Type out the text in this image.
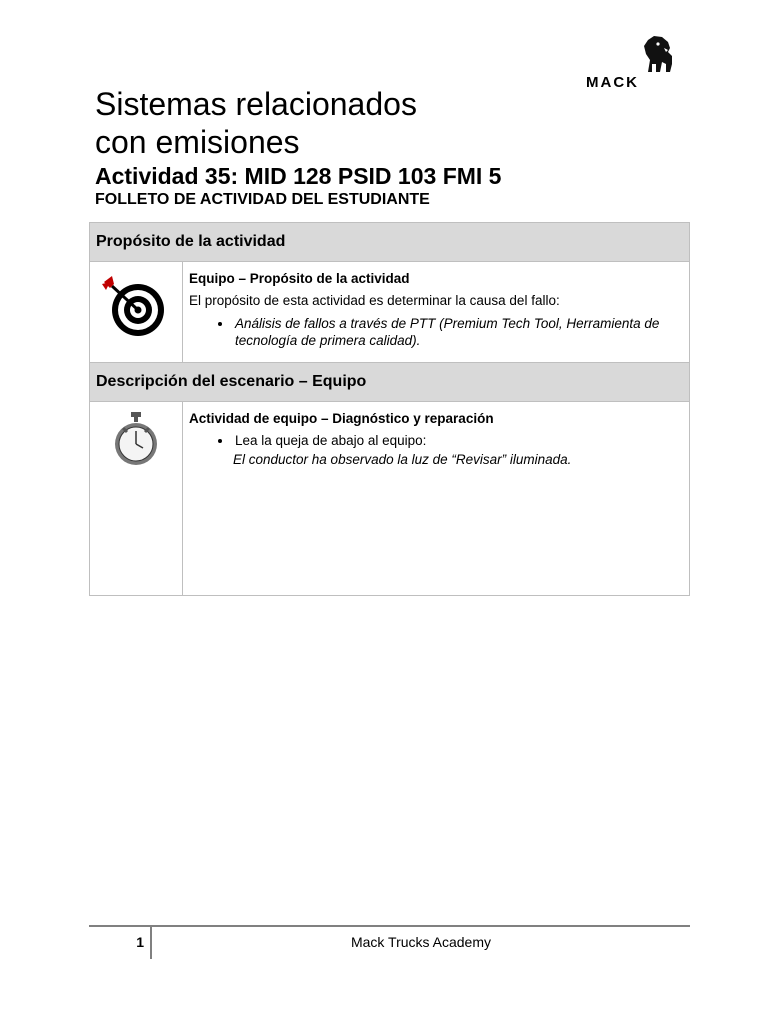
MACK
Sistemas relacionados
con emisiones
Actividad 35: MID 128 PSID 103 FMI 5
FOLLETO DE ACTIVIDAD DEL ESTUDIANTE
Propósito de la actividad
Equipo – Propósito de la actividad

El propósito de esta actividad es determinar la causa del fallo:

• Análisis de fallos a través de PTT (Premium Tech Tool, Herramienta de tecnología de primera calidad).
Descripción del escenario – Equipo
Actividad de equipo – Diagnóstico y reparación
• Lea la queja de abajo al equipo:
El conductor ha observado la luz de “Revisar” iluminada.
1	Mack Trucks Academy
